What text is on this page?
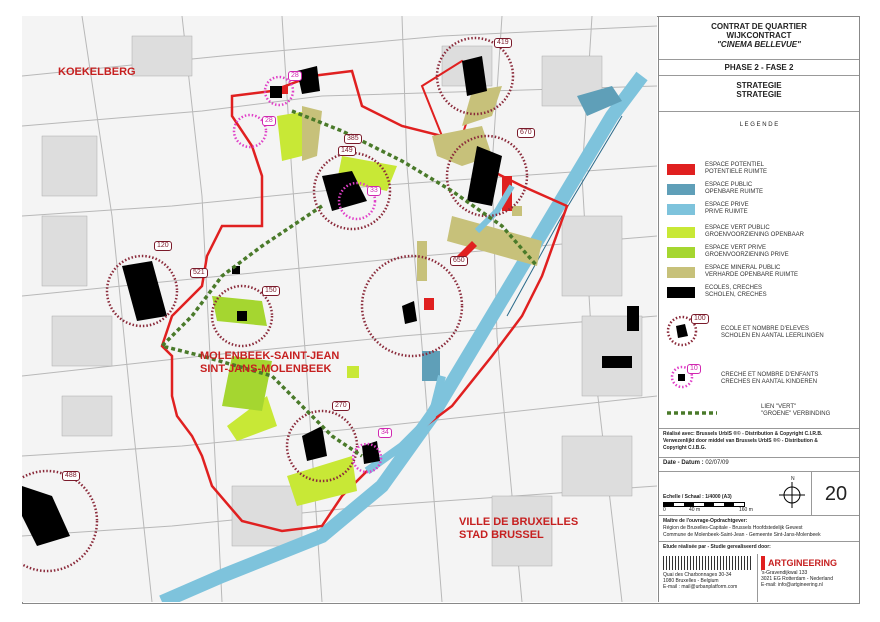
KOEKELBERG
MOLENBEEK-SAINT-JEAN
SINT-JANS-MOLENBEEK
VILLE DE BRUXELLES
STAD BRUSSEL
419
670
385
149
120
521
150
650
270
488
28
28
33
34
CONTRAT DE QUARTIER
WIJKCONTRACT
"CINEMA BELLEVUE"
PHASE 2 - FASE 2
STRATEGIE
STRATEGIE
L E G E N D E
ESPACE POTENTIEL
POTENTIELE RUIMTE
ESPACE PUBLIC
OPENBARE RUIMTE
ESPACE PRIVE
PRIVE RUIMTE
ESPACE VERT PUBLIC
GROENVOORZIENING OPENBAAR
ESPACE VERT PRIVE
GROENVOORZIENING PRIVE
ESPACE MINERAL PUBLIC
VERHARDE OPENBARE RUIMTE
ECOLES, CRECHES
SCHOLEN, CRECHES
100
ECOLE ET NOMBRE D'ELEVES
SCHOLEN EN AANTAL LEERLINGEN
10
CRECHE ET NOMBRE D'ENFANTS
CRECHES EN AANTAL KINDEREN
LIEN "VERT"
"GROENE" VERBINDING
Réalisé avec: Brussels UrbIS ®© - Distribution & Copyright C.I.R.B.
Verwezenlijkt door middel van Brussels UrbIS ®© - Distribution &
Copyright C.I.B.G.
Date - Datum : 02/07/09
Echelle / Schaal : 1/4000 (A3)
0	40 m	160 m
N
20
Maître de l'ouvrage-Opdrachtgever:
Région de Bruxelles-Capitale - Brussels Hoofdstedelijk Gewest
Commune de Molenbeek-Saint-Jean - Gemeente Sint-Jans-Molenbeek
Etude réalisée par - Studie gerealiseerd door:
Quai des Charbonnages 30-34
1080 Bruxelles - Belgium
E-mail : mail@urbanplatform.com
ARTGINEERING
's-Gravendijkwal 133
3021 EG Rotterdam - Nederland
E-mail: info@artgineering.nl
